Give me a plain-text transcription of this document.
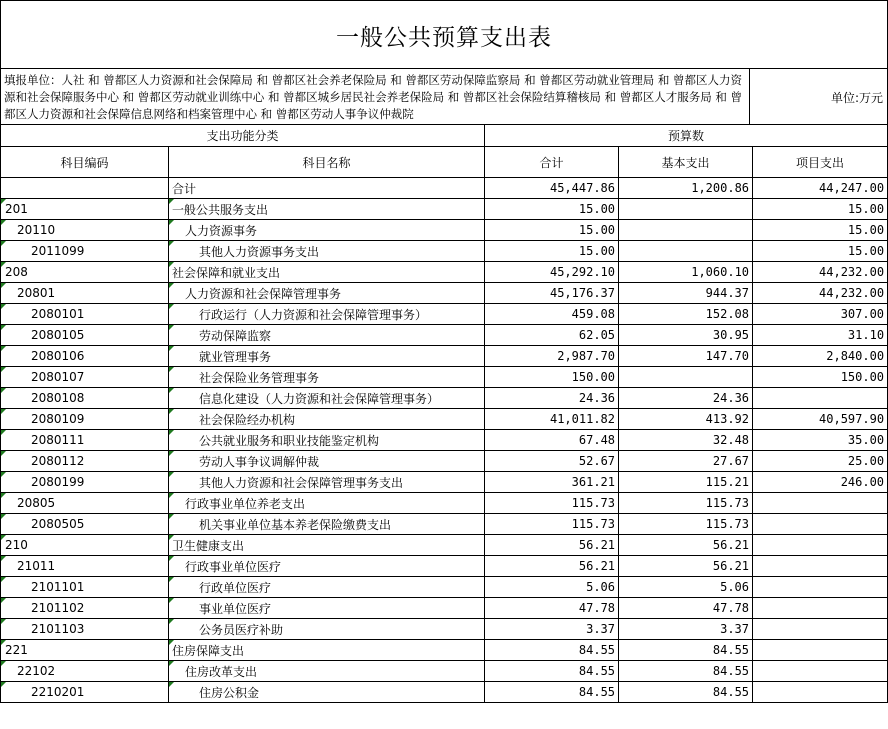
一般公共预算支出表
填报单位：人社 和 曾都区人力资源和社会保障局 和 曾都区社会养老保险局 和 曾都区劳动保障监察局 和 曾都区劳动就业管理局 和 曾都区人力资源和社会保障服务中心 和 曾都区劳动就业训练中心 和 曾都区城乡居民社会养老保险局 和 曾都区社会保险结算稽核局 和 曾都区人才服务局 和 曾都区人力资源和社会保障信息网络和档案管理中心 和 曾都区劳动人事争议仲裁院
单位:万元
支出功能分类		预算数		
科目编码	科目名称	合计	基本支出	项目支出
	合计	45,447.86	1,200.86	44,247.00
201	一般公共服务支出	15.00		15.00
20110	人力资源事务	15.00		15.00
2011099	其他人力资源事务支出	15.00		15.00
208	社会保障和就业支出	45,292.10	1,060.10	44,232.00
20801	人力资源和社会保障管理事务	45,176.37	944.37	44,232.00
2080101	行政运行（人力资源和社会保障管理事务）	459.08	152.08	307.00
2080105	劳动保障监察	62.05	30.95	31.10
2080106	就业管理事务	2,987.70	147.70	2,840.00
2080107	社会保险业务管理事务	150.00		150.00
2080108	信息化建设（人力资源和社会保障管理事务）	24.36	24.36	
2080109	社会保险经办机构	41,011.82	413.92	40,597.90
2080111	公共就业服务和职业技能鉴定机构	67.48	32.48	35.00
2080112	劳动人事争议调解仲裁	52.67	27.67	25.00
2080199	其他人力资源和社会保障管理事务支出	361.21	115.21	246.00
20805	行政事业单位养老支出	115.73	115.73	
2080505	机关事业单位基本养老保险缴费支出	115.73	115.73	
210	卫生健康支出	56.21	56.21	
21011	行政事业单位医疗	56.21	56.21	
2101101	行政单位医疗	5.06	5.06	
2101102	事业单位医疗	47.78	47.78	
2101103	公务员医疗补助	3.37	3.37	
221	住房保障支出	84.55	84.55	
22102	住房改革支出	84.55	84.55	
2210201	住房公积金	84.55	84.55	
